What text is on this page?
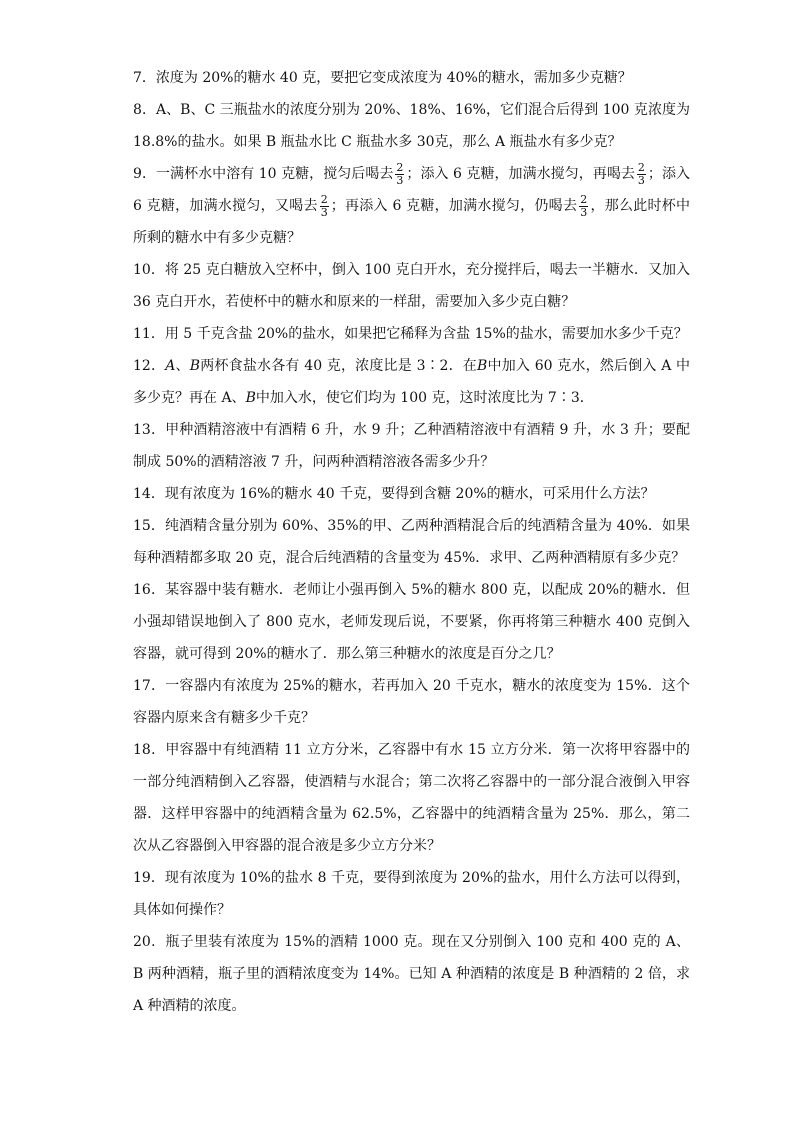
7．浓度为 20%的糖水 40 克，要把它变成浓度为 40%的糖水，需加多少克糖？

8．A、B、C 三瓶盐水的浓度分别为 20%、18%、16%，它们混合后得到 100 克浓度为 18.8%的盐水。如果 B 瓶盐水比 C 瓶盐水多 30克，那么 A 瓶盐水有多少克？

9．一满杯水中溶有 10 克糖，搅匀后喝去 $\frac{2}{3}$ ；添入 6 克糖，加满水搅匀，再喝去 $\frac{2}{3}$ ；添入 6 克糖，加满水搅匀，又喝去 $\frac{2}{3}$ ；再添入 6 克糖，加满水搅匀，仍喝去 $\frac{2}{3}$ ，那么此时杯中所剩的糖水中有多少克糖？

10．将 25 克白糖放入空杯中，倒入 100 克白开水，充分搅拌后，喝去一半糖水．又加入 36 克白开水，若使杯中的糖水和原来的一样甜，需要加入多少克白糖？

11．用 5 千克含盐 20%的盐水，如果把它稀释为含盐 15%的盐水，需要加水多少千克？

12．A、B两杯食盐水各有 40 克，浓度比是 3∶2．在B中加入 60 克水，然后倒入 A 中多少克？再在 A、B中加入水，使它们均为 100 克，这时浓度比为 7∶3．

13．甲种酒精溶液中有酒精 6 升，水 9 升；乙种酒精溶液中有酒精 9 升，水 3 升；要配制成 50%的酒精溶液 7 升，问两种酒精溶液各需多少升？

14．现有浓度为 16%的糖水 40 千克，要得到含糖 20%的糖水，可采用什么方法？

15．纯酒精含量分别为 60%、35%的甲、乙两种酒精混合后的纯酒精含量为 40%．如果每种酒精都多取 20 克，混合后纯酒精的含量变为 45%．求甲、乙两种酒精原有多少克？

16．某容器中装有糖水．老师让小强再倒入 5%的糖水 800 克，以配成 20%的糖水．但小强却错误地倒入了 800 克水，老师发现后说，不要紧，你再将第三种糖水 400 克倒入容器，就可得到 20%的糖水了．那么第三种糖水的浓度是百分之几？

17．一容器内有浓度为 25%的糖水，若再加入 20 千克水，糖水的浓度变为 15%．这个容器内原来含有糖多少千克？

18．甲容器中有纯酒精 11 立方分米，乙容器中有水 15 立方分米．第一次将甲容器中的一部分纯酒精倒入乙容器，使酒精与水混合；第二次将乙容器中的一部分混合液倒入甲容器．这样甲容器中的纯酒精含量为 62.5%，乙容器中的纯酒精含量为 25%．那么，第二次从乙容器倒入甲容器的混合液是多少立方分米？

19．现有浓度为 10%的盐水 8 千克，要得到浓度为 20%的盐水，用什么方法可以得到，具体如何操作？

20．瓶子里装有浓度为 15%的酒精 1000 克。现在又分别倒入 100 克和 400 克的 A、B 两种酒精，瓶子里的酒精浓度变为 14%。已知 A 种酒精的浓度是 B 种酒精的 2 倍，求 A 种酒精的浓度。
